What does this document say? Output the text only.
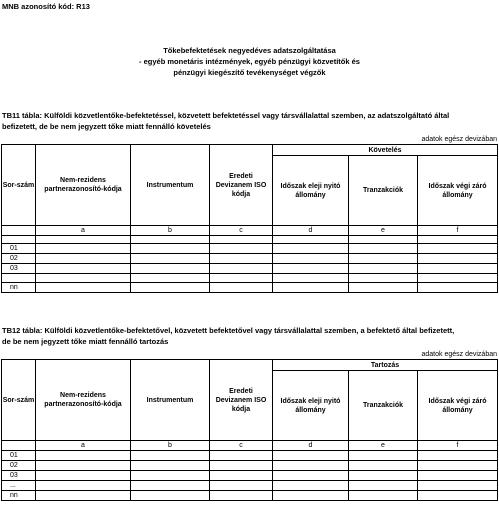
MNB azonosító kód: R13
Tőkebefektetések negyedéves adatszolgáltatása
- egyéb monetáris intézmények, egyéb pénzügyi közvetítők és
pénzügyi kiegészítő tevékenységet végzők
TB11 tábla: Külföldi közvetlentőke-befektetéssel, közvetett befektetéssel vagy társvállalattal szemben, az adatszolgáltató által
befizetett, de be nem jegyzett tőke miatt fennálló követelés
adatok egész devizában
Sor-szám	Nem-rezidens partnerazonosító-kódja	Instrumentum	Eredeti Devizanem ISO kódja	Követelés		
				Időszak eleji nyitó állomány	Tranzakciók	Időszak végi záró állomány
	a	b	c	d	e	f

01						
02						
03						

nn						
TB12 tábla: Külföldi közvetlentőke-befektetővel, közvetett befektetővel vagy társvállalattal szemben, a befektető által befizetett,
de be nem jegyzett tőke miatt fennálló tartozás
adatok egész devizában
Sor-szám	Nem-rezidens partnerazonosító-kódja	Instrumentum	Eredeti Devizanem ISO kódja	Tartozás		
				Időszak eleji nyitó állomány	Tranzakciók	Időszak végi záró állomány
	a	b	c	d	e	f
01						
02						
03						
...						
nn						
